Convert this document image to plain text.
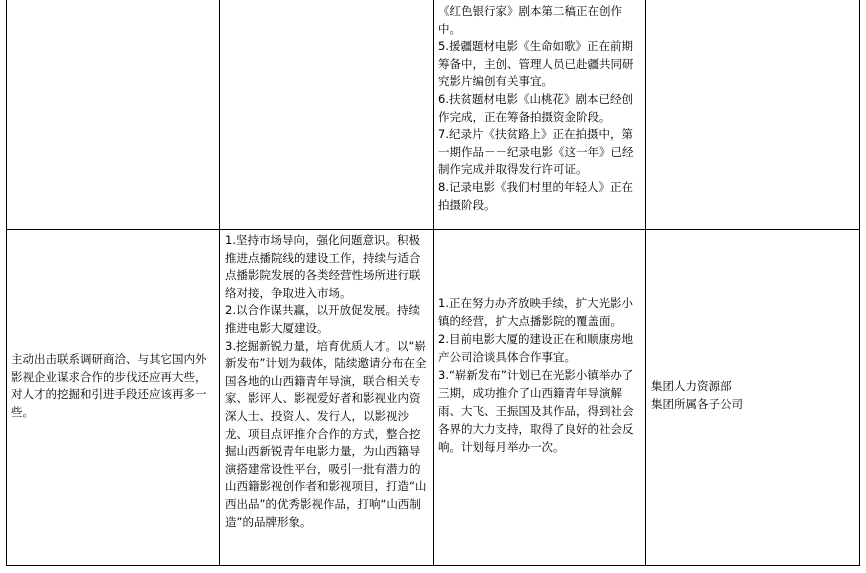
《红色银行家》剧本第二稿正在创作中。

5.援疆题材电影《生命如歌》正在前期筹备中，主创、管理人员已赴疆共同研究影片编创有关事宜。

6.扶贫题材电影《山桃花》剧本已经创作完成，正在筹备拍摄资金阶段。

7.纪录片《扶贫路上》正在拍摄中，第一期作品－－纪录电影《这一年》已经制作完成并取得发行许可证。

8.记录电影《我们村里的年轻人》正在拍摄阶段。

主动出击联系调研商洽、与其它国内外影视企业谋求合作的步伐还应再大些，对人才的挖掘和引进手段还应该再多一些。

1.坚持市场导向，强化问题意识。积极推进点播院线的建设工作，持续与适合点播影院发展的各类经营性场所进行联络对接，争取进入市场。

2.以合作谋共赢，以开放促发展。持续推进电影大厦建设。

3.挖掘新锐力量，培育优质人才。以“崭新发布”计划为载体，陆续邀请分布在全国各地的山西籍青年导演，联合相关专家、影评人、影视爱好者和影视业内资深人士、投资人、发行人，以影视沙龙、项目点评推介合作的方式，整合挖掘山西新锐青年电影力量，为山西籍导演搭建常设性平台，吸引一批有潜力的山西籍影视创作者和影视项目，打造“山西出品”的优秀影视作品，打响“山西制造”的品牌形象。

1.正在努力办齐放映手续，扩大光影小镇的经营，扩大点播影院的覆盖面。

2.目前电影大厦的建设正在和顺康房地产公司洽谈具体合作事宜。

3.“崭新发布”计划已在光影小镇举办了三期，成功推介了山西籍青年导演解雨、大飞、王振国及其作品，得到社会各界的大力支持，取得了良好的社会反响。计划每月举办一次。

集团人力资源部

集团所属各子公司
